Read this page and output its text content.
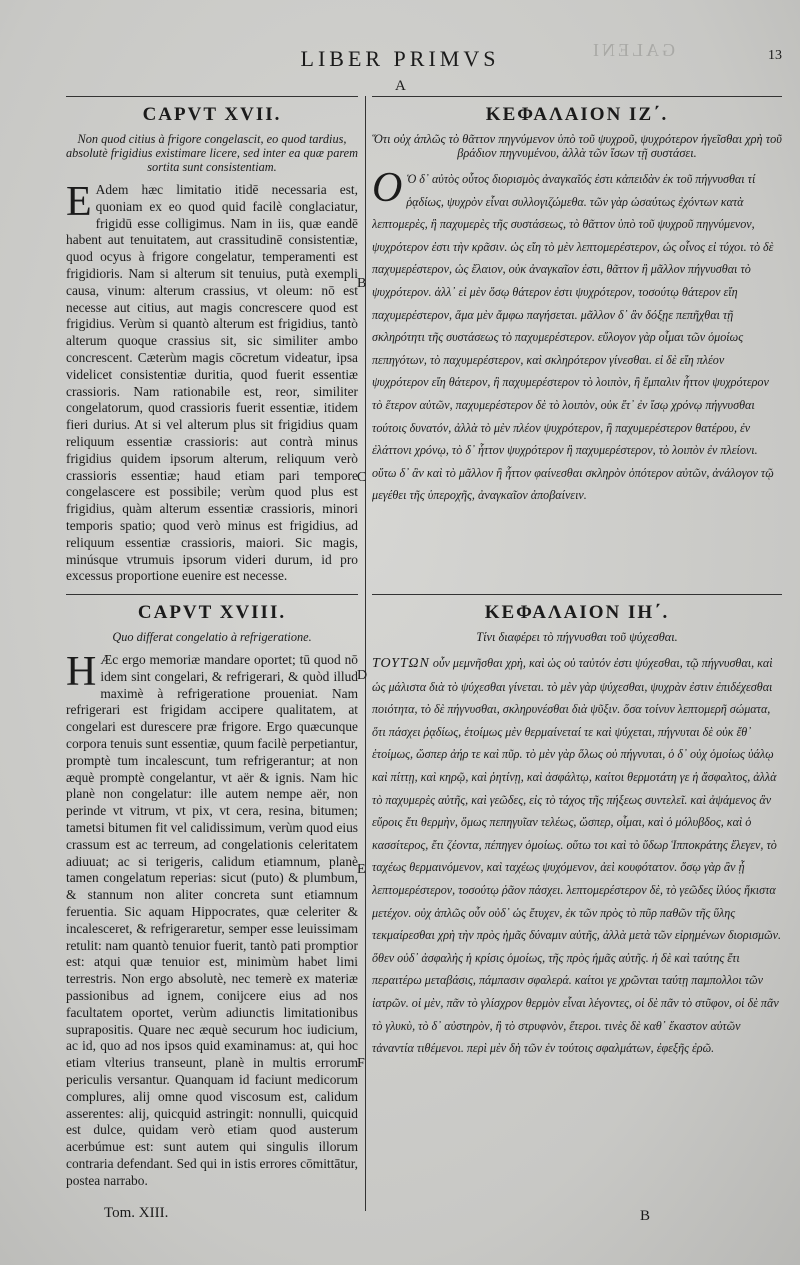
GALENI
LIBER PRIMVS	13
A
CAPVT XVII.
Non quod citius à frigore congelascit, eo quod tardius, absolutè frigidius existimare licere, sed inter ea quæ parem sortita sunt consistentiam.
E Adem hæc limitatio itidē necessaria est, quoniam ex eo quod quid facilè conglaciatur, frigidū esse colligimus. Nam in iis, quæ eandē habent aut tenuitatem, aut crassitudinē consistentiæ, quod ocyus à frigore congelatur, temperamenti est frigidioris. Nam si alterum sit tenuius, putà exempli causa, vinum: alterum crassius, vt oleum: nō est necesse aut citius, aut magis concrescere quod est frigidius. Verùm si quantò alterum est frigidius, tantò alterum quoque crassius sit, sic similiter ambo concrescent. Cæterùm magis cōcretum videatur, ipsa videlicet consistentiæ duritia, quod fuerit essentiæ crassioris. Nam rationabile est, reor, similiter congelatorum, quod crassioris fuerit essentiæ, itidem fieri durius. At si vel alterum plus sit frigidius quam reliquum essentiæ crassioris: aut contrà minus frigidius quidem ipsorum alterum, reliquum verò crassioris essentiæ; haud etiam pari tempore congelascere est possibile; verùm quod plus est frigidius, quàm alterum essentiæ crassioris, minori temporis spatio; quod verò minus est frigidius, ad reliquum essentiæ crassioris, maiori. Sic magis, minúsque vtrumuis ipsorum videri durum, id pro excessus proportione euenire est necesse.

ΚΕΦΑΛΑΙΟΝ ΙΖ΄.
Ὅτι οὐχ ἁπλῶς τὸ θᾶττον πηγνύμενον ὑπὸ τοῦ ψυχροῦ, ψυχρότερον ἡγεῖσθαι χρὴ τοῦ βράδιον πηγνυμένου, ἀλλὰ τῶν ἴσων τῇ συστάσει.
O Ὁ δ᾽ αὐτὸς οὗτος διορισμὸς ἀναγκαῖός ἐστι κἀπειδὰν ἐκ τοῦ πήγνυσθαι τί ῥᾳδίως, ψυχρὸν εἶναι συλλογιζώμεθα. τῶν γὰρ ὡσαύτως ἐχόντων κατὰ λεπτομερὲς, ἢ παχυμερὲς τῆς συστάσεως, τὸ θᾶττον ὑπὸ τοῦ ψυχροῦ πηγνύμενον, ψυχρότερον ἐστι τὴν κρᾶσιν. ὡς εἴη τὸ μὲν λεπτομερέστερον, ὡς οἶνος εἰ τύχοι. τὸ δὲ παχυμερέστερον, ὡς ἔλαιον, οὐκ ἀναγκαῖον ἐστι, θᾶττον ἢ μᾶλλον πήγνυσθαι τὸ ψυχρότερον. ἀλλ᾽ εἰ μὲν ὅσῳ θάτερον ἐστι ψυχρότερον, τοσούτῳ θάτερον εἴη παχυμερέστερον, ἅμα μὲν ἄμφω παγήσεται. μᾶλλον δ᾽ ἂν δόξῃε πεπῆχθαι τῇ σκληρότητι τῆς συστάσεως τὸ παχυμερέστερον. εὔλογον γὰρ οἶμαι τῶν ὁμοίως πεπηγότων, τὸ παχυμερέστερον, καὶ σκληρότερον γίνεσθαι. εἰ δὲ εἴη πλέον ψυχρότερον εἴη θάτερον, ἢ παχυμερέστερον τὸ λοιπὸν, ἢ ἔμπαλιν ἧττον ψυχρότερον τὸ ἕτερον αὐτῶν, παχυμερέστερον δὲ τὸ λοιπὸν, οὐκ ἔτ᾽ ἐν ἴσῳ χρόνῳ πήγνυσθαι τούτοις δυνατόν, ἀλλὰ τὸ μὲν πλέον ψυχρότερον, ἢ παχυμερέστερον θατέρου, ἐν ἐλάττονι χρόνῳ, τὸ δ᾽ ἧττον ψυχρότερον ἢ παχυμερέστερον, τὸ λοιπὸν ἐν πλείονι. οὕτω δ᾽ ἂν καὶ τὸ μᾶλλον ἢ ἧττον φαίνεσθαι σκληρὸν ὁπότερον αὐτῶν, ἀνάλογον τῷ μεγέθει τῆς ὑπεροχῆς, ἀναγκαῖον ἀποβαίνειν.

CAPVT XVIII.
Quo differat congelatio à refrigeratione.
H Æc ergo memoriæ mandare oportet; tū quod nō idem sint congelari, & refrigerari, & quòd illud maximè à refrigeratione proueniat. Nam refrigerari est frigidam accipere qualitatem, at congelari est durescere præ frigore. Ergo quæcunque corpora tenuis sunt essentiæ, quum facilè perpetiantur, promptè tum incalescunt, tum refrigerantur; at non æquè promptè congelantur, vt aër & ignis. Nam hic planè non congelatur: ille autem nempe aër, non perinde vt vitrum, vt pix, vt cera, resina, bitumen; tametsi bitumen fit vel calidissimum, verùm quod eius crassum est ac terreum, ad congelationis celeritatem adiuuat; ac si terigeris, calidum etiamnum, planè tamen congelatum reperias: sicut (puto) & plumbum, & stannum non aliter concreta sunt etiamnum feruentia. Sic aquam Hippocrates, quæ celeriter & incalesceret, & refrigeraretur, semper esse leuissimam retulit: nam quantò tenuior fuerit, tantò pati promptior est: atqui quæ tenuior est, minimùm habet limi terrestris. Non ergo absolutè, nec temerè ex materiæ passionibus ad ignem, conijcere eius ad nos facultatem oportet, verùm adiunctis limitationibus suprapositis. Quare nec æquè securum hoc iudicium, ac id, quo ad nos ipsos quid examinamus: at, qui hoc etiam vlterius transeunt, planè in multis errorum periculis versantur. Quanquam id faciunt medicorum complures, alij omne quod viscosum est, calidum asserentes: alij, quicquid astringit: nonnulli, quicquid est dulce, quidam verò etiam quod austerum acerbúmue est: sunt autem qui singulis illorum contraria defendant. Sed qui in istis errores cōmittātur, postea narrabo.

ΚΕΦΑΛΑΙΟΝ ΙΗ΄.
Τίνι διαφέρει τὸ πήγνυσθαι τοῦ ψύχεσθαι.

ΤΟΥΤΩΝ οὖν μεμνῆσθαι χρὴ, καὶ ὡς οὐ ταὐτόν ἐστι ψύχεσθαι, τῷ πήγνυσθαι, καὶ ὡς μάλιστα διὰ τὸ ψύχεσθαι γίνεται. τὸ μὲν γὰρ ψύχεσθαι, ψυχρὰν ἐστιν ἐπιδέχεσθαι ποιότητα, τὸ δὲ πήγνυσθαι, σκληρυνέσθαι διὰ ψῦξιν. ὅσα τοίνυν λεπτομερῆ σώματα, ὅτι πάσχει ῥᾳδίως, ἑτοίμως μὲν θερμαίνεταί τε καὶ ψύχεται, πήγνυται δὲ οὐκ ἔθ᾽ ἑτοίμως, ὥσπερ ἀήρ τε καὶ πῦρ. τὸ μὲν γὰρ ὅλως οὐ πήγνυται, ὁ δ᾽ οὐχ ὁμοίως ὑάλῳ καὶ πίττῃ, καὶ κηρῷ, καὶ ῥητίνῃ, καὶ ἀσφάλτῳ, καίτοι θερμοτάτη γε ἡ ἄσφαλτος, ἀλλὰ τὸ παχυμερὲς αὐτῆς, καὶ γεῶδες, εἰς τὸ τάχος τῆς πήξεως συντελεῖ. καὶ ἀψάμενος ἂν εὕροις ἔτι θερμὴν, ὅμως πεπηγυῖαν τελέως, ὥσπερ, οἶμαι, καὶ ὁ μόλυβδος, καὶ ὁ κασσίτερος, ἔτι ζέοντα, πέπηγεν ὁμοίως. οὕτω τοι καὶ τὸ ὕδωρ Ἱπποκράτης ἔλεγεν, τὸ ταχέως θερμαινόμενον, καὶ ταχέως ψυχόμενον, ἀεὶ κουφότατον. ὅσῳ γὰρ ἂν ᾖ λεπτομερέστερον, τοσούτῳ ῥᾶον πάσχει. λεπτομερέστερον δὲ, τὸ γεῶδες ἰλύος ἥκιστα μετέχον. οὐχ ἁπλῶς οὖν οὐδ᾽ ὡς ἔτυχεν, ἐκ τῶν πρὸς τὸ πῦρ παθῶν τῆς ὕλης τεκμαίρεσθαι χρὴ τὴν πρὸς ἡμᾶς δύναμιν αὐτῆς, ἀλλὰ μετὰ τῶν εἰρημένων διορισμῶν. ὅθεν οὐδ᾽ ἀσφαλὴς ἡ κρίσις ὁμοίως, τῆς πρὸς ἡμᾶς αὐτῆς. ἡ δὲ καὶ ταύτης ἔτι περαιτέρω μεταβάσις, πάμπασιν σφαλερά. καίτοι γε χρῶνται ταύτῃ παμπολλοι τῶν ἰατρῶν. οἱ μὲν, πᾶν τὸ γλίσχρον θερμὸν εἶναι λέγοντες, οἱ δὲ πᾶν τὸ στῦφον, οἱ δὲ πᾶν τὸ γλυκὺ, τὸ δ᾽ αὐστηρὸν, ἢ τὸ στρυφνὸν, ἕτεροι. τινὲς δὲ καθ᾽ ἕκαστον αὐτῶν τἀναντία τιθέμενοι. περὶ μὲν δὴ τῶν ἐν τούτοις σφαλμάτων, ἐφεξῆς ἐρῶ.

B
C
D
E
F
Tom. XIII.	B
